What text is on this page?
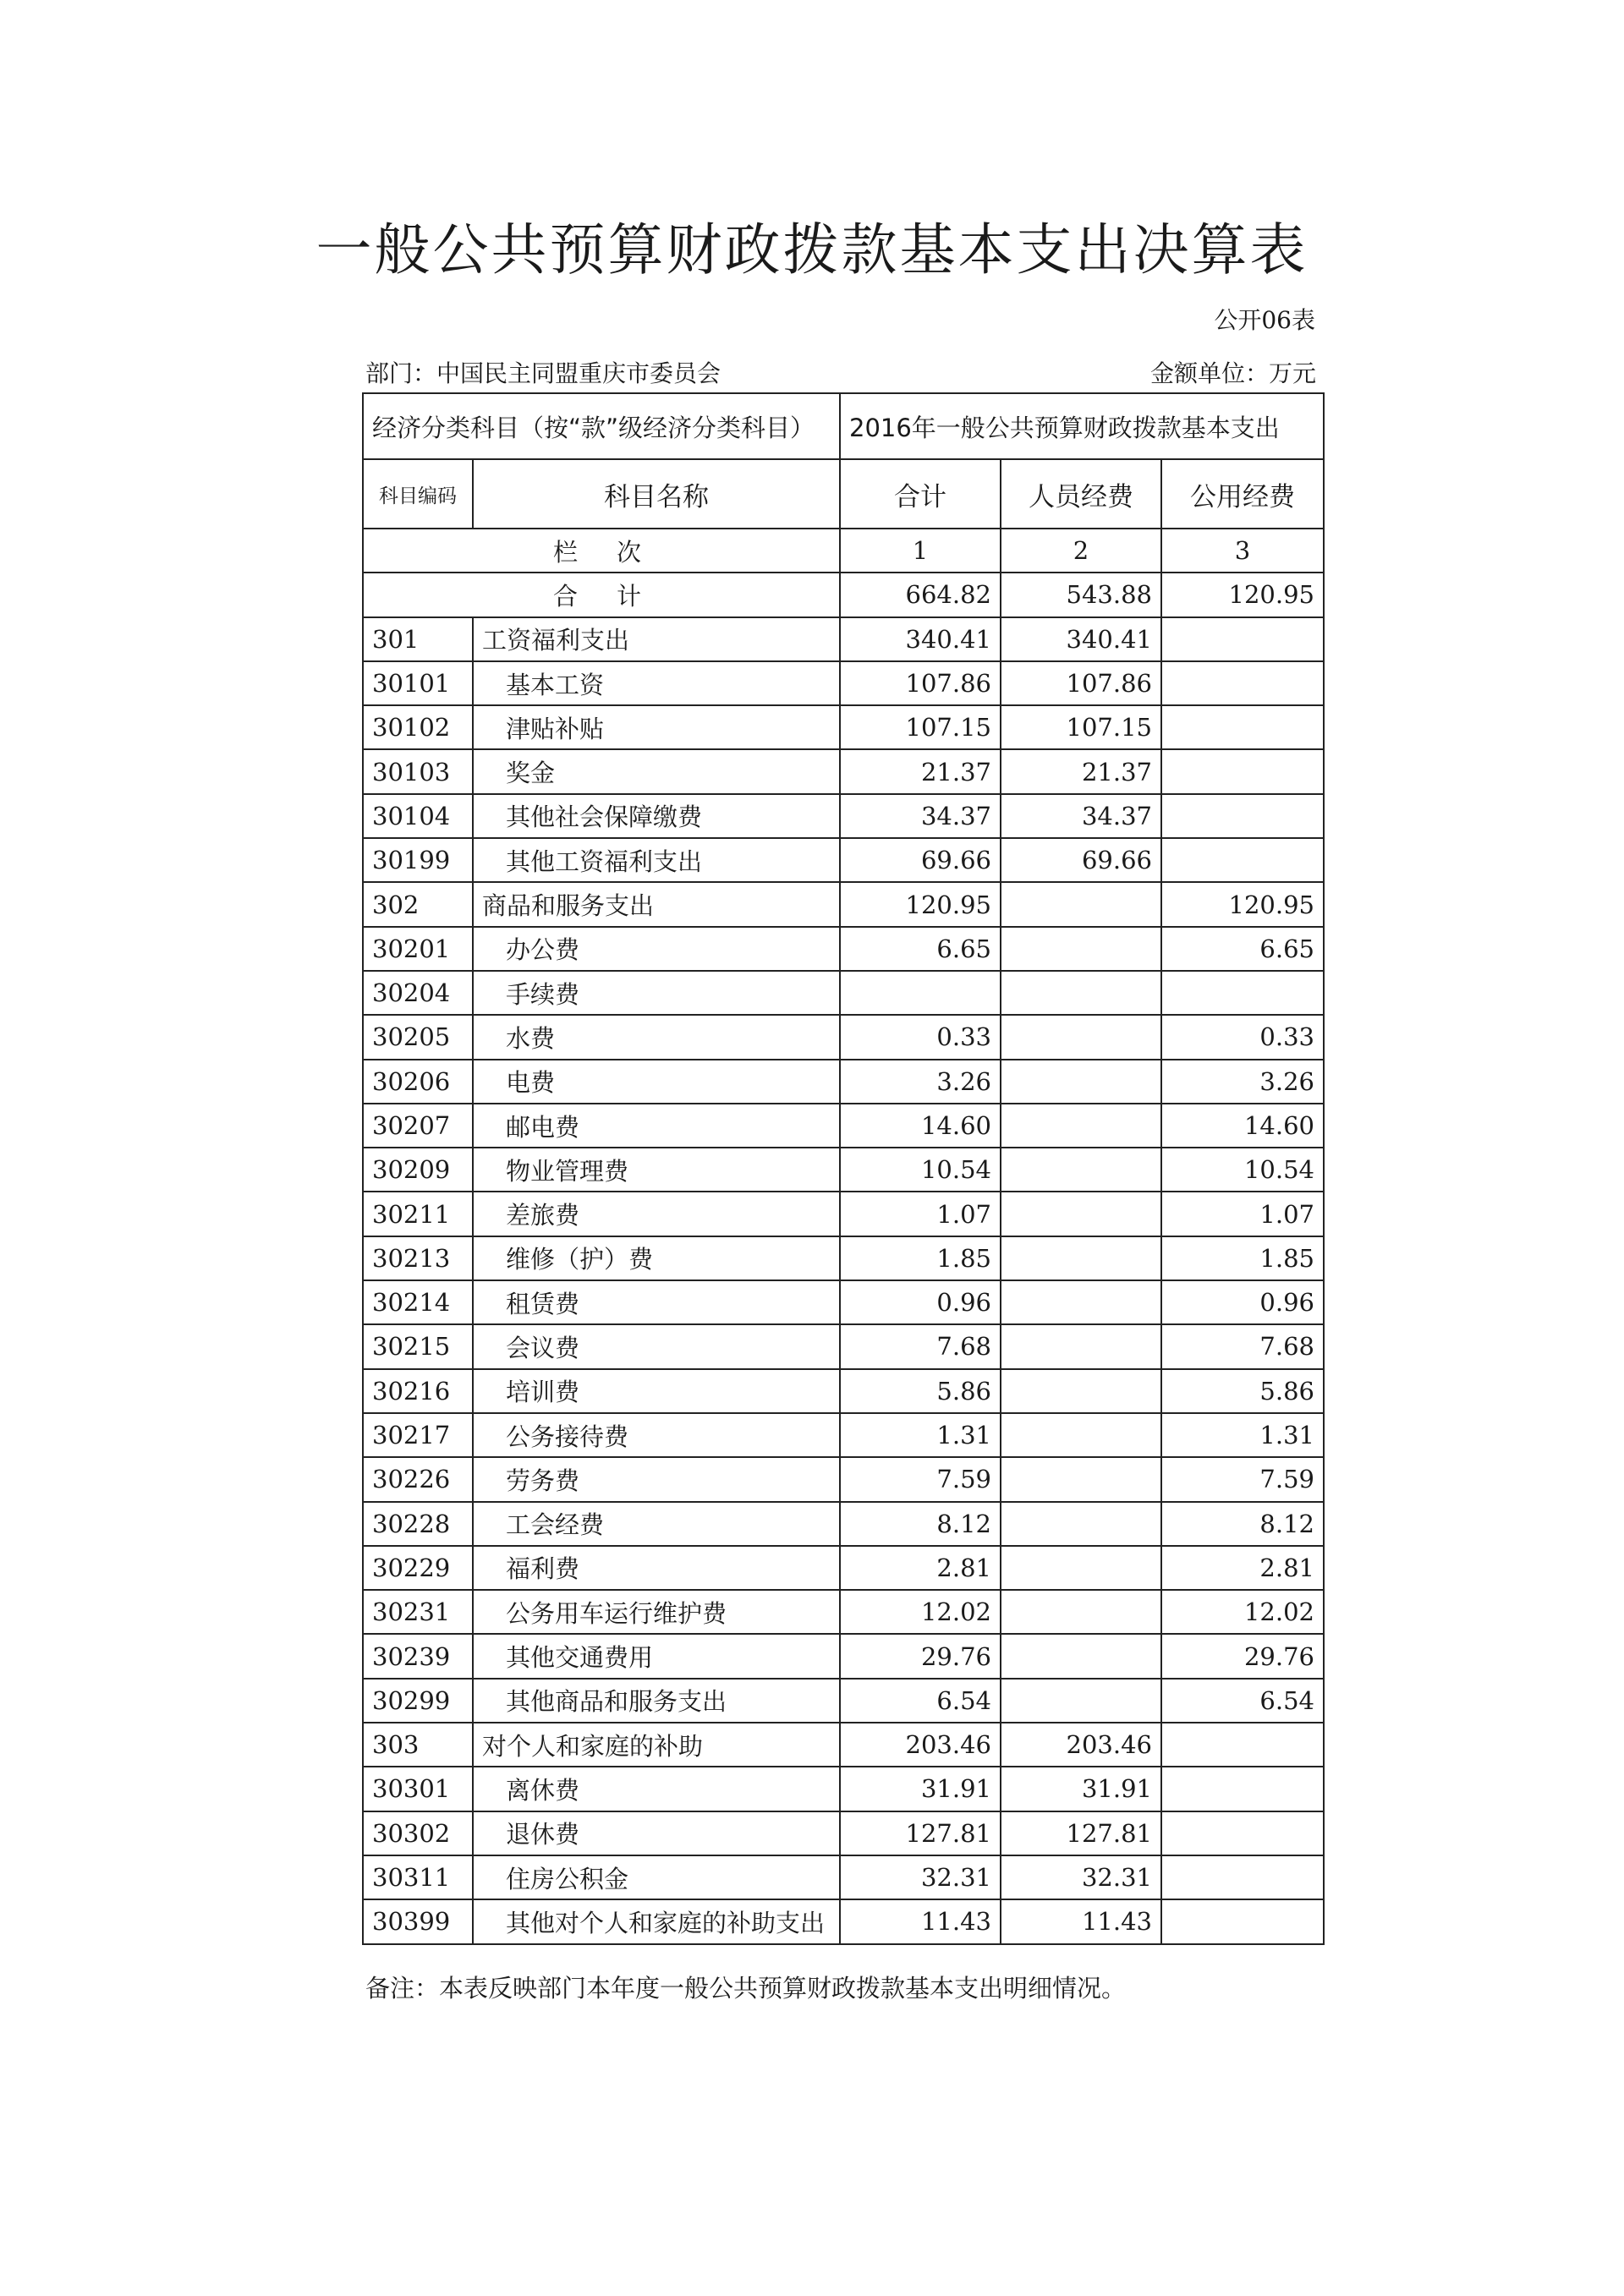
一般公共预算财政拨款基本支出决算表
公开06表
部门：中国民主同盟重庆市委员会	金额单位：万元
经济分类科目（按“款”级经济分类科目）		2016年一般公共预算财政拨款基本支出		
科目编码	科目名称	合计	人员经费	公用经费
栏次		1	2	3
合计		664.82	543.88	120.95
301	工资福利支出	340.41	340.41	
30101	基本工资	107.86	107.86	
30102	津贴补贴	107.15	107.15	
30103	奖金	21.37	21.37	
30104	其他社会保障缴费	34.37	34.37	
30199	其他工资福利支出	69.66	69.66	
302	商品和服务支出	120.95		120.95
30201	办公费	6.65		6.65
30204	手续费			
30205	水费	0.33		0.33
30206	电费	3.26		3.26
30207	邮电费	14.60		14.60
30209	物业管理费	10.54		10.54
30211	差旅费	1.07		1.07
30213	维修（护）费	1.85		1.85
30214	租赁费	0.96		0.96
30215	会议费	7.68		7.68
30216	培训费	5.86		5.86
30217	公务接待费	1.31		1.31
30226	劳务费	7.59		7.59
30228	工会经费	8.12		8.12
30229	福利费	2.81		2.81
30231	公务用车运行维护费	12.02		12.02
30239	其他交通费用	29.76		29.76
30299	其他商品和服务支出	6.54		6.54
303	对个人和家庭的补助	203.46	203.46	
30301	离休费	31.91	31.91	
30302	退休费	127.81	127.81	
30311	住房公积金	32.31	32.31	
30399	其他对个人和家庭的补助支出	11.43	11.43	
备注：本表反映部门本年度一般公共预算财政拨款基本支出明细情况。
